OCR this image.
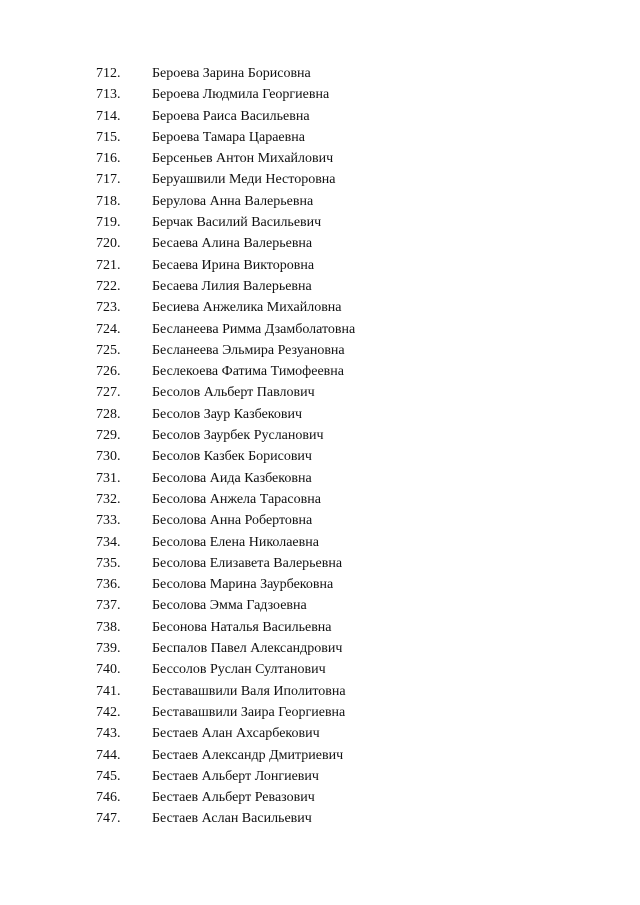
712. Бероева Зарина Борисовна
713. Бероева Людмила Георгиевна
714. Бероева Раиса Васильевна
715. Бероева Тамара Цараевна
716. Берсеньев Антон Михайлович
717. Беруашвили Меди Несторовна
718. Берулова Анна Валерьевна
719. Берчак Василий Васильевич
720. Бесаева Алина Валерьевна
721. Бесаева Ирина Викторовна
722. Бесаева Лилия Валерьевна
723. Бесиева Анжелика Михайловна
724. Бесланеева Римма Дзамболатовна
725. Бесланеева Эльмира Резуановна
726. Беслекоева Фатима Тимофеевна
727. Бесолов Альберт Павлович
728. Бесолов Заур Казбекович
729. Бесолов Заурбек Русланович
730. Бесолов Казбек Борисович
731. Бесолова Аида Казбековна
732. Бесолова Анжела Тарасовна
733. Бесолова Анна Робертовна
734. Бесолова Елена Николаевна
735. Бесолова Елизавета Валерьевна
736. Бесолова Марина Заурбековна
737. Бесолова Эмма Гадзоевна
738. Бесонова Наталья Васильевна
739. Беспалов Павел Александрович
740. Бессолов Руслан Султанович
741. Беставашвили Валя Иполитовна
742. Беставашвили Заира Георгиевна
743. Бестаев Алан Ахсарбекович
744. Бестаев Александр Дмитриевич
745. Бестаев Альберт Лонгиевич
746. Бестаев Альберт Ревазович
747. Бестаев Аслан Васильевич
